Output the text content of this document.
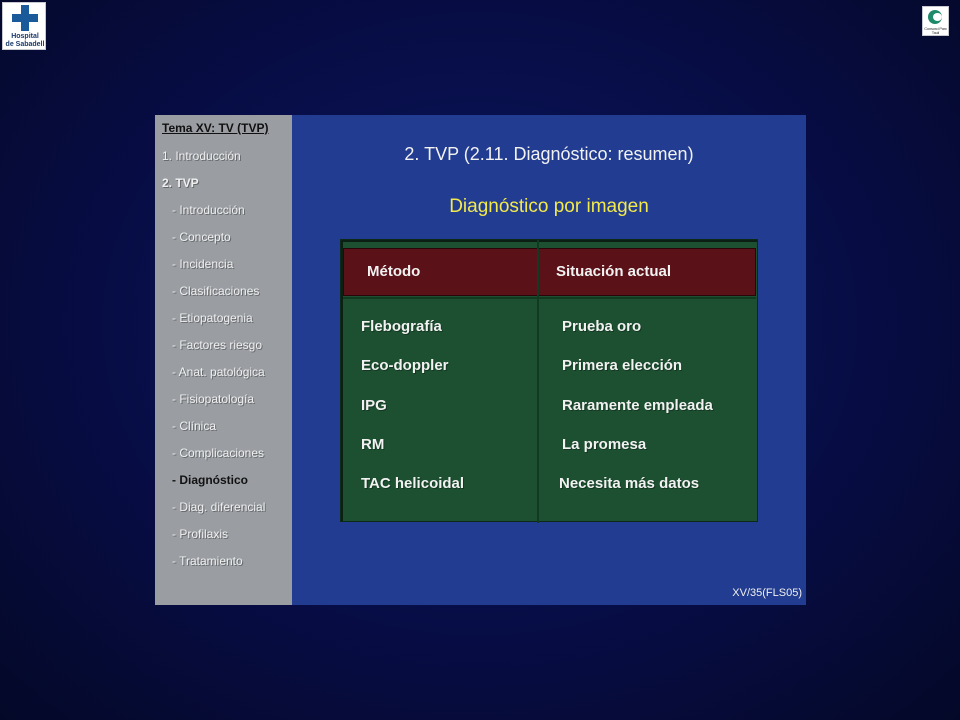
Hospital
de Sabadell
Consorci Parc Taulí
Tema XV: TV (TVP)
1. Introducción
2. TVP
- Introducción
- Concepto
- Incidencia
- Clasificaciones
- Etiopatogenia
- Factores riesgo
- Anat. patológica
- Fisiopatología
- Clínica
- Complicaciones
- Diagnóstico
- Diag. diferencial
- Profilaxis
- Tratamiento
2. TVP (2.11. Diagnóstico: resumen)
Diagnóstico por imagen
Método	Situación actual
Flebografía	Prueba oro
Eco-doppler	Primera elección
IPG	Raramente empleada
RM	La promesa
TAC helicoidal	Necesita más datos
XV/35(FLS05)
